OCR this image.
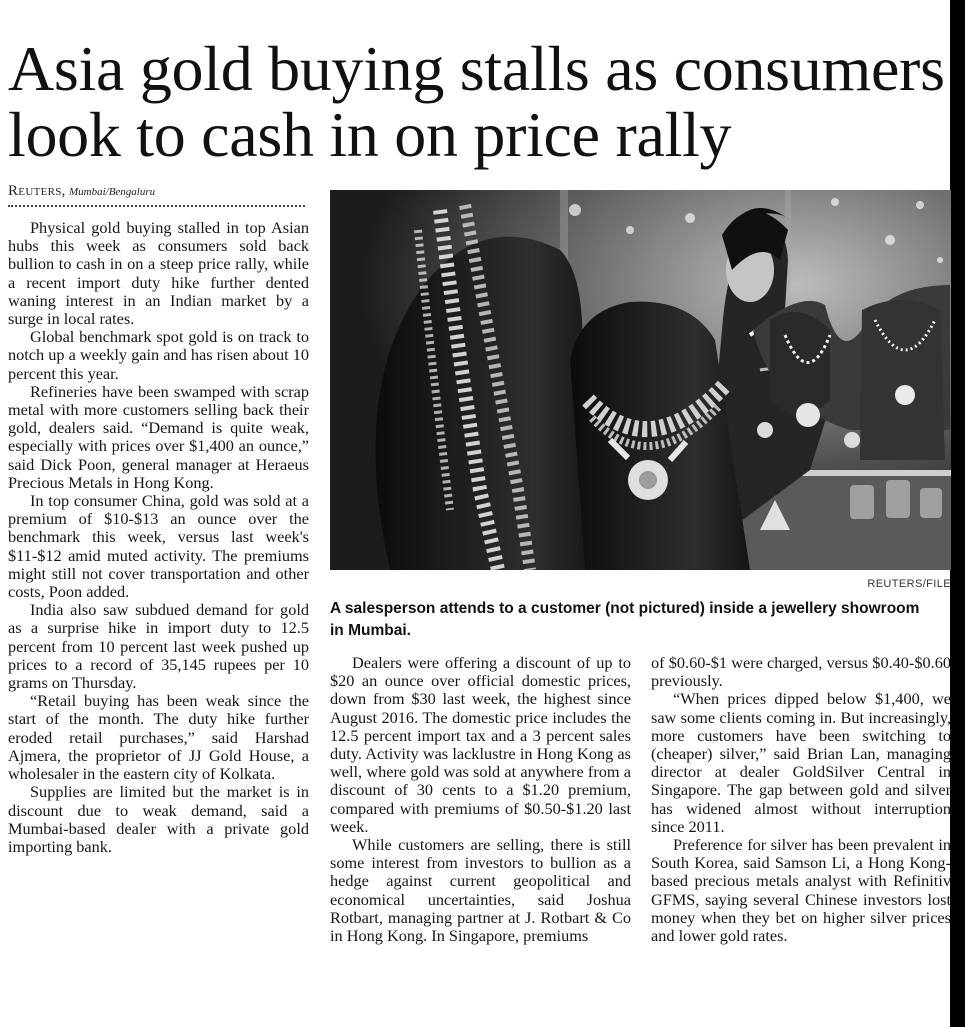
Asia gold buying stalls as consumers look to cash in on price rally
Reuters, Mumbai/Bengaluru

Physical gold buying stalled in top Asian hubs this week as consumers sold back bullion to cash in on a steep price rally, while a recent import duty hike further dented waning interest in an Indian market by a surge in local rates.

Global benchmark spot gold is on track to notch up a weekly gain and has risen about 10 percent this year.

Refineries have been swamped with scrap metal with more customers selling back their gold, dealers said. “Demand is quite weak, especially with prices over $1,400 an ounce,” said Dick Poon, general manager at Heraeus Precious Metals in Hong Kong.

In top consumer China, gold was sold at a premium of $10-$13 an ounce over the benchmark this week, versus last week's $11-$12 amid muted activity. The premiums might still not cover transportation and other costs, Poon added.

India also saw subdued demand for gold as a surprise hike in import duty to 12.5 percent from 10 percent last week pushed up prices to a record of 35,145 rupees per 10 grams on Thursday.

“Retail buying has been weak since the start of the month. The duty hike further eroded retail purchases,” said Harshad Ajmera, the proprietor of JJ Gold House, a wholesaler in the eastern city of Kolkata.

Supplies are limited but the market is in discount due to weak demand, said a Mumbai-based dealer with a private gold importing bank.

REUTERS/FILE

A salesperson attends to a customer (not pictured) inside a jewellery showroom in Mumbai.

Dealers were offering a discount of up to $20 an ounce over official domestic prices, down from $30 last week, the highest since August 2016. The domestic price includes the 12.5 percent import tax and a 3 percent sales duty. Activity was lacklustre in Hong Kong as well, where gold was sold at anywhere from a discount of 30 cents to a $1.20 premium, compared with premiums of $0.50-$1.20 last week.

While customers are selling, there is still some interest from investors to bullion as a hedge against current geopolitical and economical uncertainties, said Joshua Rotbart, managing partner at J. Rotbart & Co in Hong Kong. In Singapore, premiums

of $0.60-$1 were charged, versus $0.40-$0.60 previously.

“When prices dipped below $1,400, we saw some clients coming in. But increasingly, more customers have been switching to (cheaper) silver,” said Brian Lan, managing director at dealer GoldSilver Central in Singapore. The gap between gold and silver has widened almost without interruption since 2011.

Preference for silver has been prevalent in South Korea, said Samson Li, a Hong Kong-based precious metals analyst with Refinitiv GFMS, saying several Chinese investors lost money when they bet on higher silver prices and lower gold rates.
